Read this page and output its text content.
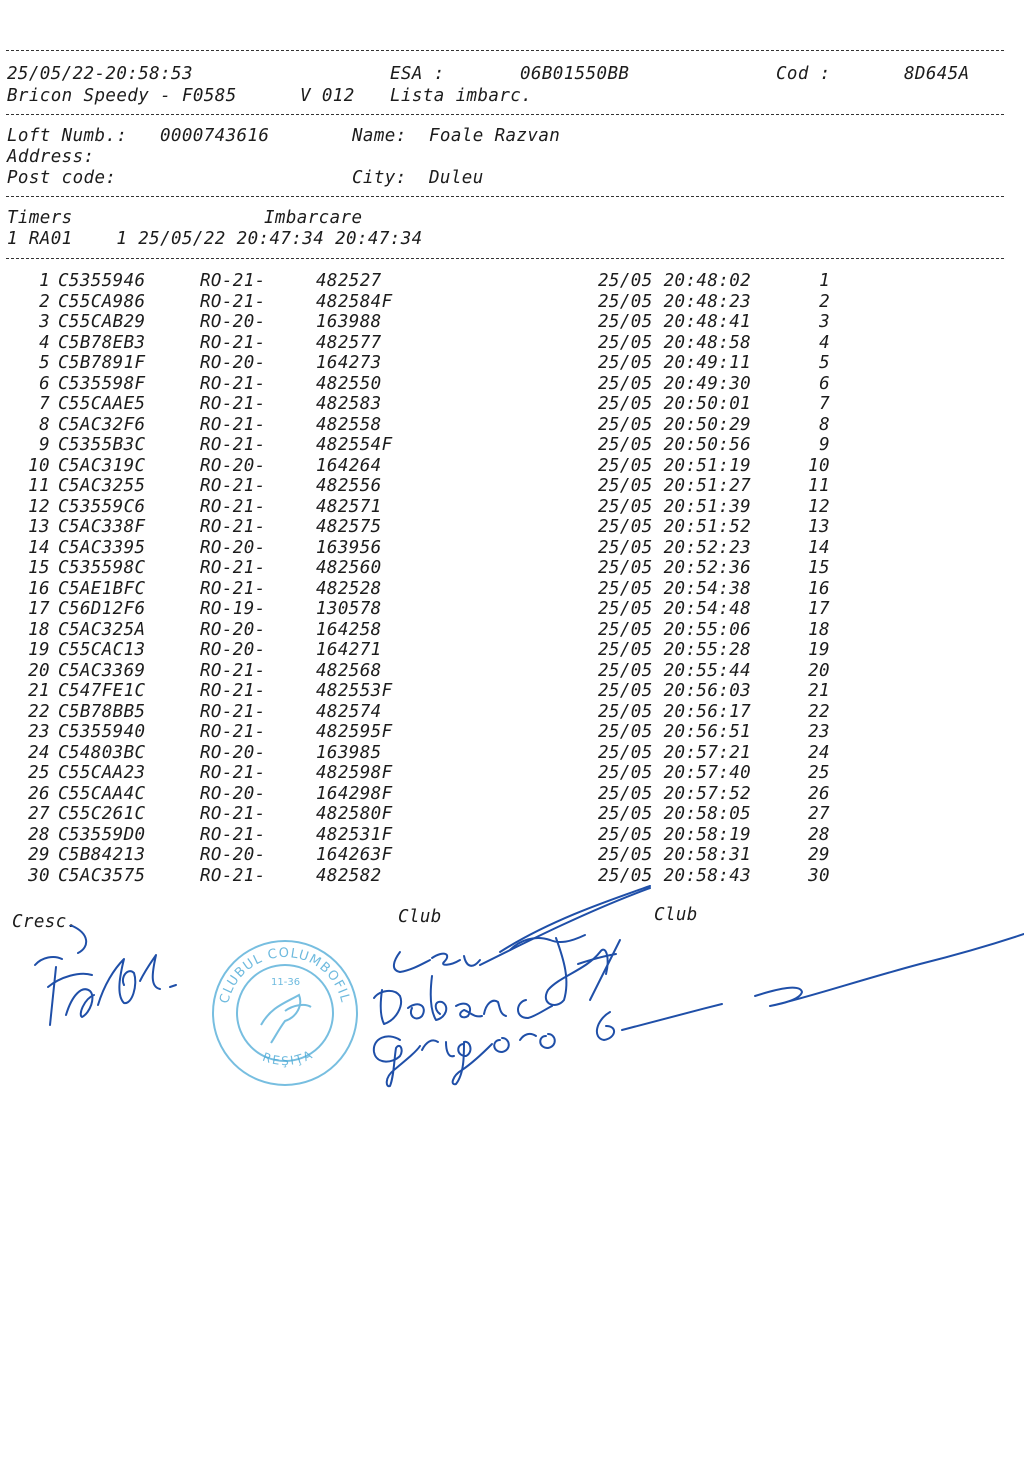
25/05/22-20:58:53	ESA :	06B01550BB	Cod :	8D645A
Bricon Speedy - F0585	V 012 Lista imbarc.
Loft Numb.: 0000743616	Name: Foale Razvan
Address:
Post code:	City: Duleu
Timers	Imbarcare
1 RA01    1 25/05/22 20:47:34 20:47:34
1 C5355946	RO-21-	482527	25/05 20:48:02	1
2 C55CA986	RO-21-	482584F	25/05 20:48:23	2
3 C55CAB29	RO-20-	163988	25/05 20:48:41	3
4 C5B78EB3	RO-21-	482577	25/05 20:48:58	4
5 C5B7891F	RO-20-	164273	25/05 20:49:11	5
6 C535598F	RO-21-	482550	25/05 20:49:30	6
7 C55CAAE5	RO-21-	482583	25/05 20:50:01	7
8 C5AC32F6	RO-21-	482558	25/05 20:50:29	8
9 C5355B3C	RO-21-	482554F	25/05 20:50:56	9
10 C5AC319C	RO-20-	164264	25/05 20:51:19	10
11 C5AC3255	RO-21-	482556	25/05 20:51:27	11
12 C53559C6	RO-21-	482571	25/05 20:51:39	12
13 C5AC338F	RO-21-	482575	25/05 20:51:52	13
14 C5AC3395	RO-20-	163956	25/05 20:52:23	14
15 C535598C	RO-21-	482560	25/05 20:52:36	15
16 C5AE1BFC	RO-21-	482528	25/05 20:54:38	16
17 C56D12F6	RO-19-	130578	25/05 20:54:48	17
18 C5AC325A	RO-20-	164258	25/05 20:55:06	18
19 C55CAC13	RO-20-	164271	25/05 20:55:28	19
20 C5AC3369	RO-21-	482568	25/05 20:55:44	20
21 C547FE1C	RO-21-	482553F	25/05 20:56:03	21
22 C5B78BB5	RO-21-	482574	25/05 20:56:17	22
23 C5355940	RO-21-	482595F	25/05 20:56:51	23
24 C54803BC	RO-20-	163985	25/05 20:57:21	24
25 C55CAA23	RO-21-	482598F	25/05 20:57:40	25
26 C55CAA4C	RO-20-	164298F	25/05 20:57:52	26
27 C55C261C	RO-21-	482580F	25/05 20:58:05	27
28 C53559D0	RO-21-	482531F	25/05 20:58:19	28
29 C5B84213	RO-20-	164263F	25/05 20:58:31	29
30 C5AC3575	RO-21-	482582	25/05 20:58:43	30
Cresc.	Club	Club
CLUBUL COLUMBOFIL
REŞIŢA
11-36
